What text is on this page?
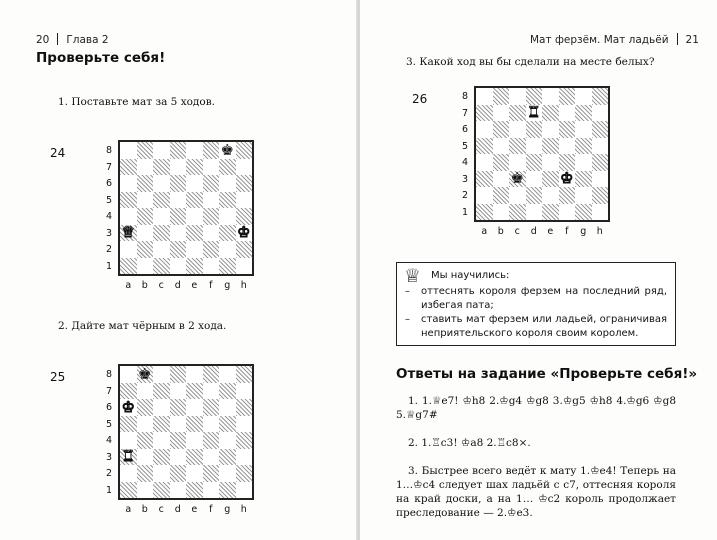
20 Глава 2
Проверьте себя!
1. Поставьте мат за 5 ходов.
24	8
7
6
5
4
3
2
1
♚
♛	♚
a	b	c	d	e	f	g	h
2. Дайте мат чёрным в 2 хода.
25	8
7
6
5
4
3
2
1
♚
♚
♜
a	b	c	d	e	f	g	h
Мат ферзём. Мат ладьёй 21
3. Какой ход вы бы сделали на месте белых?
26	8
7
6
5
4
3
2
1
♜
♚ ♚
a	b	c	d	e	f	g	h
♕ Мы научились:
– оттеснять короля ферзем на последний ряд, избегая пата;
– ставить мат ферзем или ладьей, ограничивая неприятельского короля своим королем.
Ответы на задание «Проверьте себя!»

1. 1.♕e7! ♔h8 2.♔g4 ♔g8 3.♔g5 ♔h8 4.♔g6 ♔g8 5.♕g7#

2. 1.♖c3! ♔a8 2.♖c8×.

3. Быстрее всего ведёт к мату 1.♔e4! Теперь на 1…♔c4 следует шах ладьёй с c7, оттесняя короля на край доски, а на 1… ♔c2 король продолжает преследование — 2.♔e3.
